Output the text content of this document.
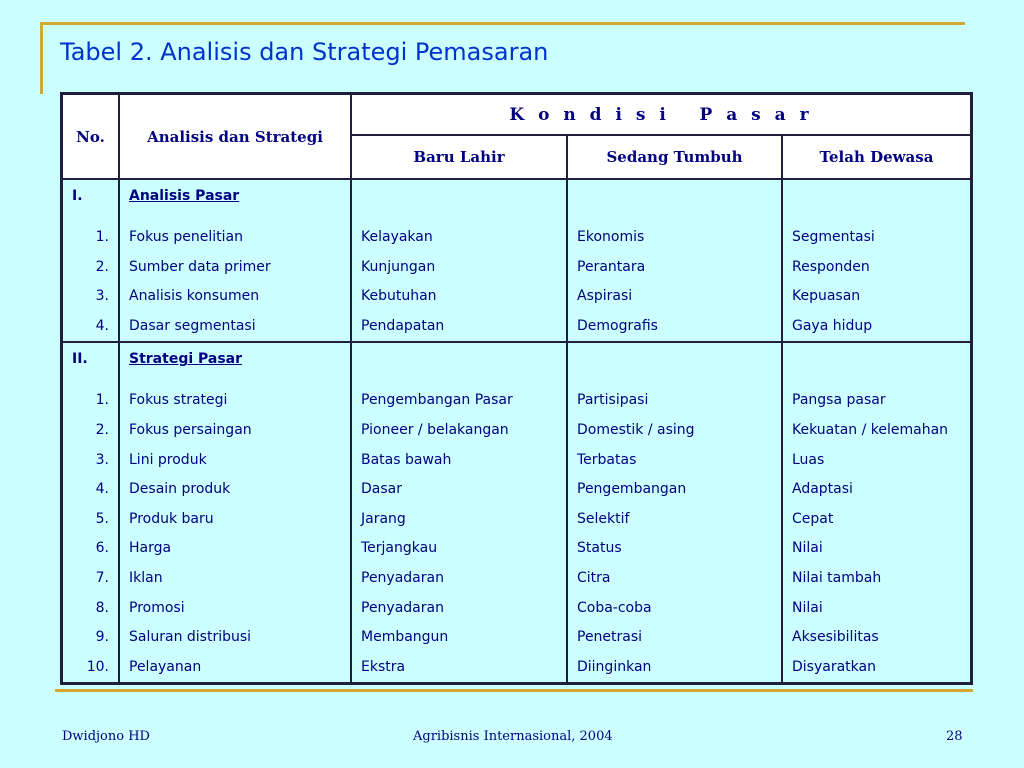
Tabel 2. Analisis dan Strategi Pemasaran
No.	Analisis dan Strategi	K o n d i s i   P a s a r		
		Baru Lahir	Sedang Tumbuh	Telah Dewasa
I.	Analisis Pasar			

1.	Fokus penelitian	Kelayakan	Ekonomis	Segmentasi
2.	Sumber data primer	Kunjungan	Perantara	Responden
3.	Analisis konsumen	Kebutuhan	Aspirasi	Kepuasan
4.	Dasar segmentasi	Pendapatan	Demografis	Gaya hidup
II.	Strategi Pasar			

1.	Fokus strategi	Pengembangan Pasar	Partisipasi	Pangsa pasar
2.	Fokus persaingan	Pioneer / belakangan	Domestik / asing	Kekuatan / kelemahan
3.	Lini produk	Batas bawah	Terbatas	Luas
4.	Desain produk	Dasar	Pengembangan	Adaptasi
5.	Produk baru	Jarang	Selektif	Cepat
6.	Harga	Terjangkau	Status	Nilai
7.	Iklan	Penyadaran	Citra	Nilai tambah
8.	Promosi	Penyadaran	Coba-coba	Nilai
9.	Saluran distribusi	Membangun	Penetrasi	Aksesibilitas
10.	Pelayanan	Ekstra	Diinginkan	Disyaratkan
Dwidjono HD	Agribisnis Internasional, 2004	28
